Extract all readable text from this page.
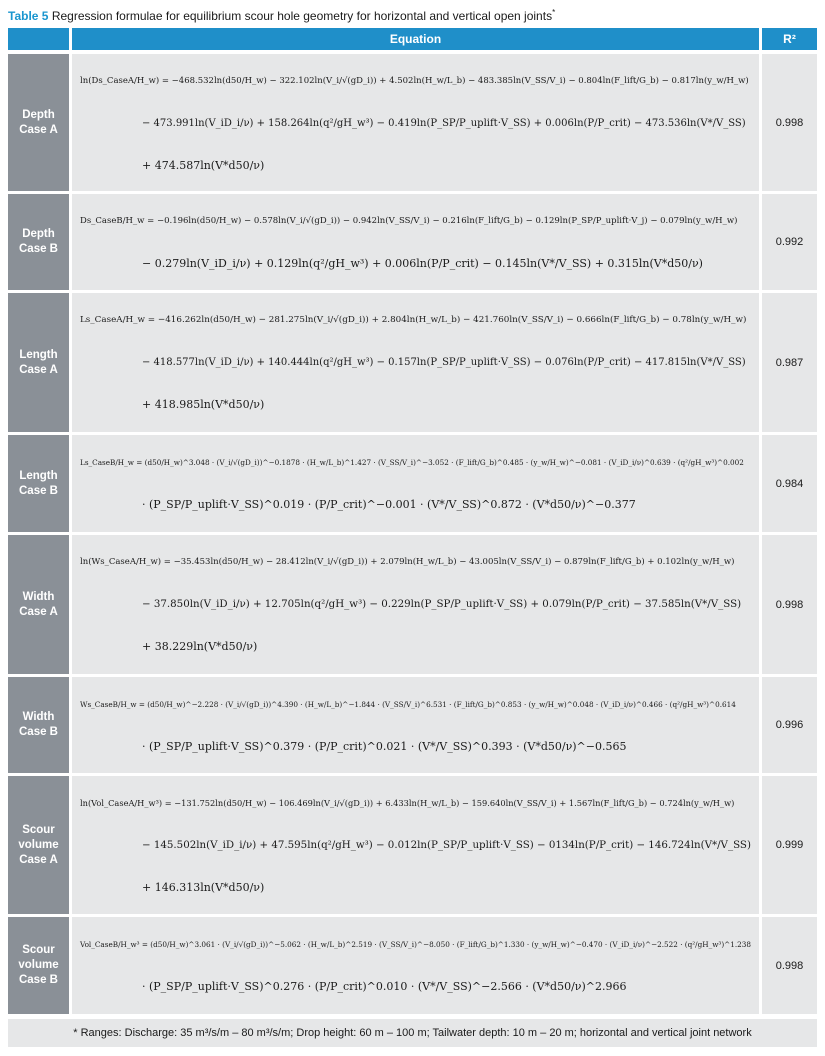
Table 5 Regression formulae for equilibrium scour hole geometry for horizontal and vertical open joints*
Equation	R²
Depth
Case A
ln(Ds_CaseA/H_w) = −468.532ln(d50/H_w) − 322.102ln(V_i/√(gD_i)) + 4.502ln(H_w/L_b) − 483.385ln(V_SS/V_i) − 0.804ln(F_lift/G_b) − 0.817ln(y_w/H_w)
− 473.991ln(V_iD_i/ν) + 158.264ln(q²/gH_w³) − 0.419ln(P_SP/P_uplift·V_SS) + 0.006ln(P/P_crit) − 473.536ln(V*/V_SS)
+ 474.587ln(V*d50/ν)
0.998
Depth
Case B
Ds_CaseB/H_w = −0.196ln(d50/H_w) − 0.578ln(V_i/√(gD_i)) − 0.942ln(V_SS/V_i) − 0.216ln(F_lift/G_b) − 0.129ln(P_SP/P_uplift·V_j) − 0.079ln(y_w/H_w)
− 0.279ln(V_iD_i/ν) + 0.129ln(q²/gH_w³) + 0.006ln(P/P_crit) − 0.145ln(V*/V_SS) + 0.315ln(V*d50/ν)
0.992
Length
Case A
Ls_CaseA/H_w = −416.262ln(d50/H_w) − 281.275ln(V_i/√(gD_i)) + 2.804ln(H_w/L_b) − 421.760ln(V_SS/V_i) − 0.666ln(F_lift/G_b) − 0.78ln(y_w/H_w)
− 418.577ln(V_iD_i/ν) + 140.444ln(q²/gH_w³) − 0.157ln(P_SP/P_uplift·V_SS) − 0.076ln(P/P_crit) − 417.815ln(V*/V_SS)
+ 418.985ln(V*d50/ν)
0.987
Length
Case B
Ls_CaseB/H_w = (d50/H_w)^3.048 · (V_i/√(gD_i))^−0.1878 · (H_w/L_b)^1.427 · (V_SS/V_i)^−3.052 · (F_lift/G_b)^0.485 · (y_w/H_w)^−0.081 · (V_iD_i/ν)^0.639 · (q²/gH_w³)^0.002
· (P_SP/P_uplift·V_SS)^0.019 · (P/P_crit)^−0.001 · (V*/V_SS)^0.872 · (V*d50/ν)^−0.377
0.984
Width
Case A
ln(Ws_CaseA/H_w) = −35.453ln(d50/H_w) − 28.412ln(V_i/√(gD_i)) + 2.079ln(H_w/L_b) − 43.005ln(V_SS/V_i) − 0.879ln(F_lift/G_b) + 0.102ln(y_w/H_w)
− 37.850ln(V_iD_i/ν) + 12.705ln(q²/gH_w³) − 0.229ln(P_SP/P_uplift·V_SS) + 0.079ln(P/P_crit) − 37.585ln(V*/V_SS)
+ 38.229ln(V*d50/ν)
0.998
Width
Case B
Ws_CaseB/H_w = (d50/H_w)^−2.228 · (V_i/√(gD_i))^4.390 · (H_w/L_b)^−1.844 · (V_SS/V_i)^6.531 · (F_lift/G_b)^0.853 · (y_w/H_w)^0.048 · (V_iD_i/ν)^0.466 · (q²/gH_w³)^0.614
· (P_SP/P_uplift·V_SS)^0.379 · (P/P_crit)^0.021 · (V*/V_SS)^0.393 · (V*d50/ν)^−0.565
0.996
Scour
volume
Case A
ln(Vol_CaseA/H_w³) = −131.752ln(d50/H_w) − 106.469ln(V_i/√(gD_i)) + 6.433ln(H_w/L_b) − 159.640ln(V_SS/V_i) + 1.567ln(F_lift/G_b) − 0.724ln(y_w/H_w)
− 145.502ln(V_iD_i/ν) + 47.595ln(q²/gH_w³) − 0.012ln(P_SP/P_uplift·V_SS) − 0134ln(P/P_crit) − 146.724ln(V*/V_SS)
+ 146.313ln(V*d50/ν)
0.999
Scour
volume
Case B
Vol_CaseB/H_w³ = (d50/H_w)^3.061 · (V_i/√(gD_i))^−5.062 · (H_w/L_b)^2.519 · (V_SS/V_i)^−8.050 · (F_lift/G_b)^1.330 · (y_w/H_w)^−0.470 · (V_iD_i/ν)^−2.522 · (q²/gH_w³)^1.238
· (P_SP/P_uplift·V_SS)^0.276 · (P/P_crit)^0.010 · (V*/V_SS)^−2.566 · (V*d50/ν)^2.966
0.998
* Ranges: Discharge: 35 m³/s/m – 80 m³/s/m; Drop height: 60 m – 100 m; Tailwater depth: 10 m – 20 m; horizontal and vertical joint network
